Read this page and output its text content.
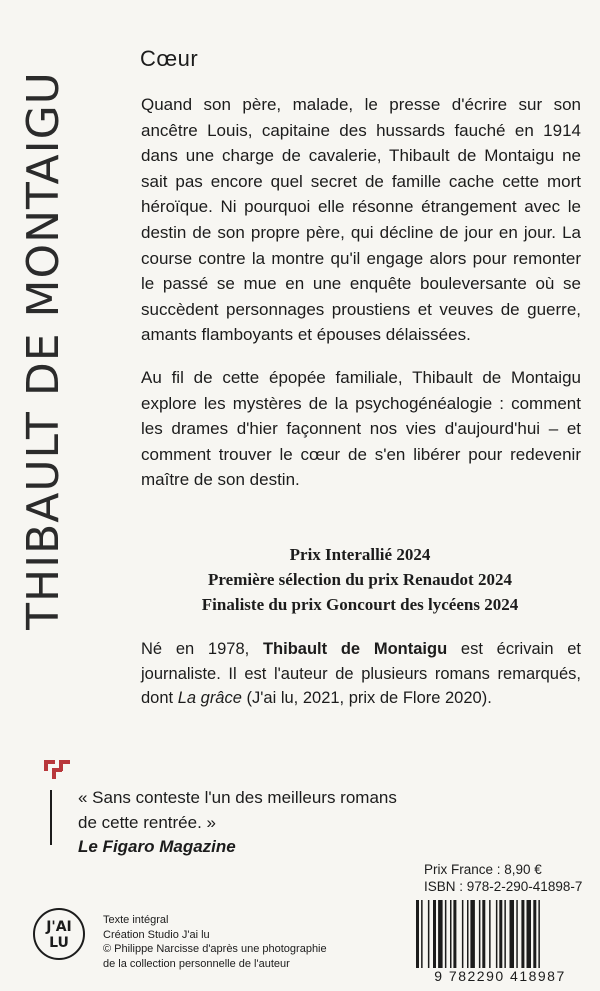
THIBAULT DE MONTAIGU
Cœur

Quand son père, malade, le presse d'écrire sur son ancêtre Louis, capitaine des hussards fauché en 1914 dans une charge de cavalerie, Thibault de Montaigu ne sait pas encore quel secret de famille cache cette mort héroïque. Ni pourquoi elle résonne étrangement avec le destin de son propre père, qui décline de jour en jour. La course contre la montre qu'il engage alors pour remonter le passé se mue en une enquête bouleversante où se succèdent personnages proustiens et veuves de guerre, amants flamboyants et épouses délaissées.

Au fil de cette épopée familiale, Thibault de Montaigu explore les mystères de la psychogénéalogie : comment les drames d'hier façonnent nos vies d'aujourd'hui – et comment trouver le cœur de s'en libérer pour redevenir maître de son destin.

Prix Interallié 2024
Première sélection du prix Renaudot 2024
Finaliste du prix Goncourt des lycéens 2024
Né en 1978, Thibault de Montaigu est écrivain et journaliste. Il est l'auteur de plusieurs romans remarqués, dont La grâce (J'ai lu, 2021, prix de Flore 2020).
« Sans conteste l'un des meilleurs romans de cette rentrée. »
Le Figaro Magazine
Prix France : 8,90 €
ISBN : 978-2-290-41898-7
9 782290 418987
J'AI
LU
Texte intégral
Création Studio J'ai lu
© Philippe Narcisse d'après une photographie
de la collection personnelle de l'auteur
